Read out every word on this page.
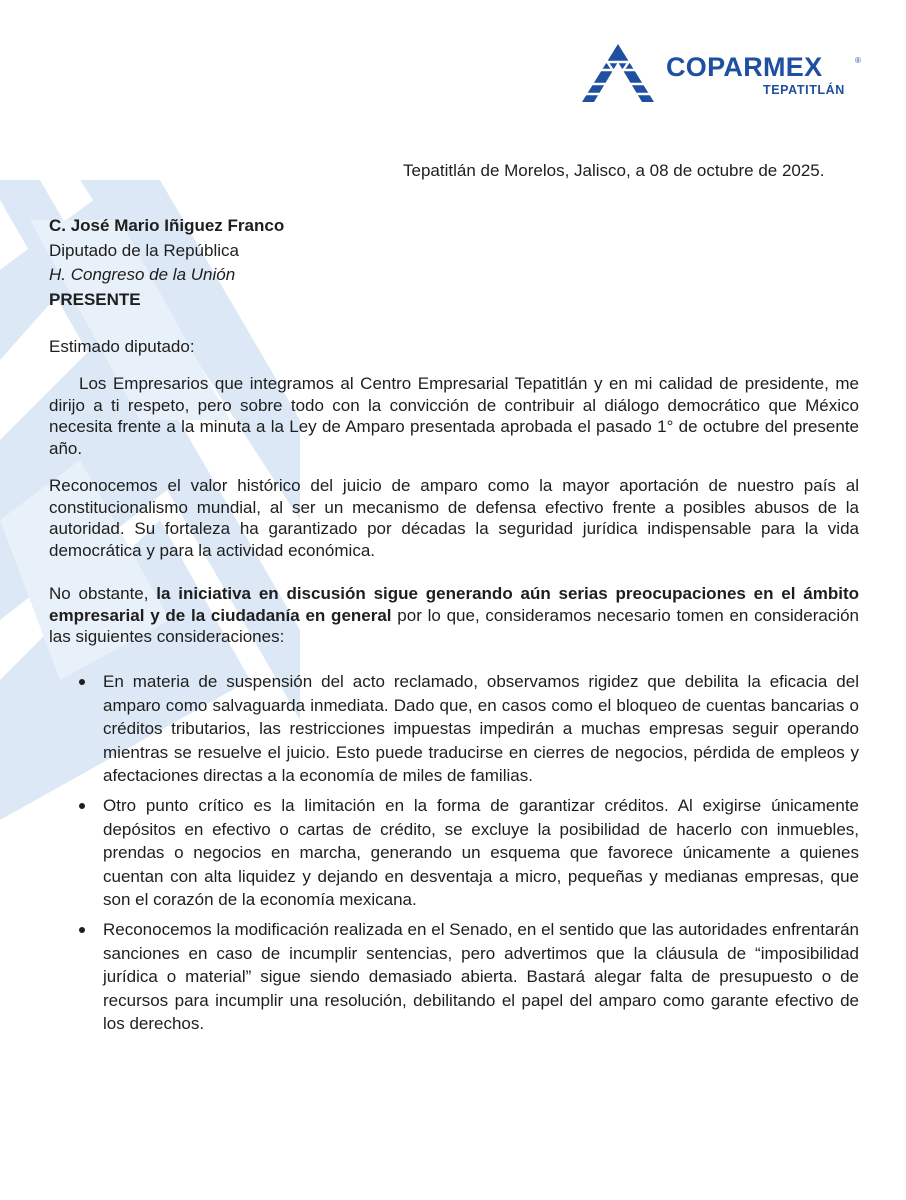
COPARMEX	®
TEPATITLÁN
Tepatitlán de Morelos, Jalisco, a 08 de octubre de 2025.
C. José Mario Iñiguez Franco
Diputado de la República
H. Congreso de la Unión
PRESENTE
Estimado diputado:

Los Empresarios que integramos al Centro Empresarial Tepatitlán y en mi calidad de presidente, me dirijo a ti respeto, pero sobre todo con la convicción de contribuir al diálogo democrático que México necesita frente a la minuta a la Ley de Amparo presentada aprobada el pasado 1° de octubre del presente año.

Reconocemos el valor histórico del juicio de amparo como la mayor aportación de nuestro país al constitucionalismo mundial, al ser un mecanismo de defensa efectivo frente a posibles abusos de la autoridad. Su fortaleza ha garantizado por décadas la seguridad jurídica indispensable para la vida democrática y para la actividad económica.

No obstante, la iniciativa en discusión sigue generando aún serias preocupaciones en el ámbito empresarial y de la ciudadanía en general por lo que, consideramos necesario tomen en consideración las siguientes consideraciones:

En materia de suspensión del acto reclamado, observamos rigidez que debilita la eficacia del amparo como salvaguarda inmediata. Dado que, en casos como el bloqueo de cuentas bancarias o créditos tributarios, las restricciones impuestas impedirán a muchas empresas seguir operando mientras se resuelve el juicio. Esto puede traducirse en cierres de negocios, pérdida de empleos y afectaciones directas a la economía de miles de familias.
Otro punto crítico es la limitación en la forma de garantizar créditos. Al exigirse únicamente depósitos en efectivo o cartas de crédito, se excluye la posibilidad de hacerlo con inmuebles, prendas o negocios en marcha, generando un esquema que favorece únicamente a quienes cuentan con alta liquidez y dejando en desventaja a micro, pequeñas y medianas empresas, que son el corazón de la economía mexicana.
Reconocemos la modificación realizada en el Senado, en el sentido que las autoridades enfrentarán sanciones en caso de incumplir sentencias, pero advertimos que la cláusula de “imposibilidad jurídica o material” sigue siendo demasiado abierta. Bastará alegar falta de presupuesto o de recursos para incumplir una resolución, debilitando el papel del amparo como garante efectivo de los derechos.
